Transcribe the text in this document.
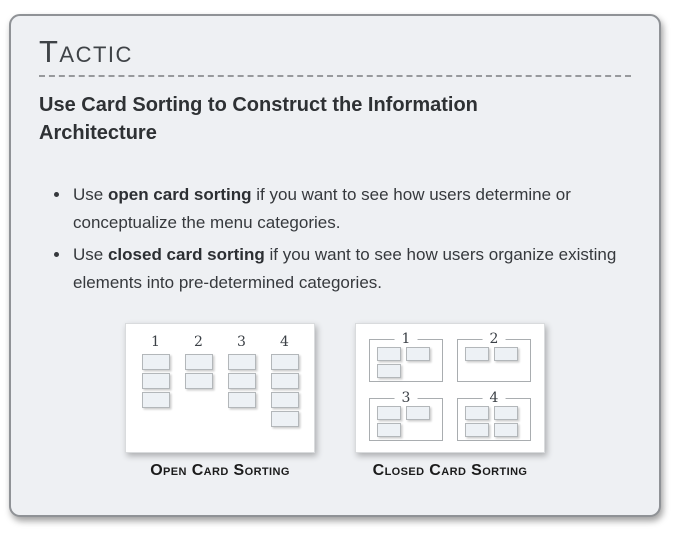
Tactic
Use Card Sorting to Construct the Information Architecture
• Use open card sorting if you want to see how users determine or conceptualize the menu categories.
• Use closed card sorting if you want to see how users organize existing elements into pre-determined categories.
1 2 3 4
Open Card Sorting
1	2
3	4
Closed Card Sorting
